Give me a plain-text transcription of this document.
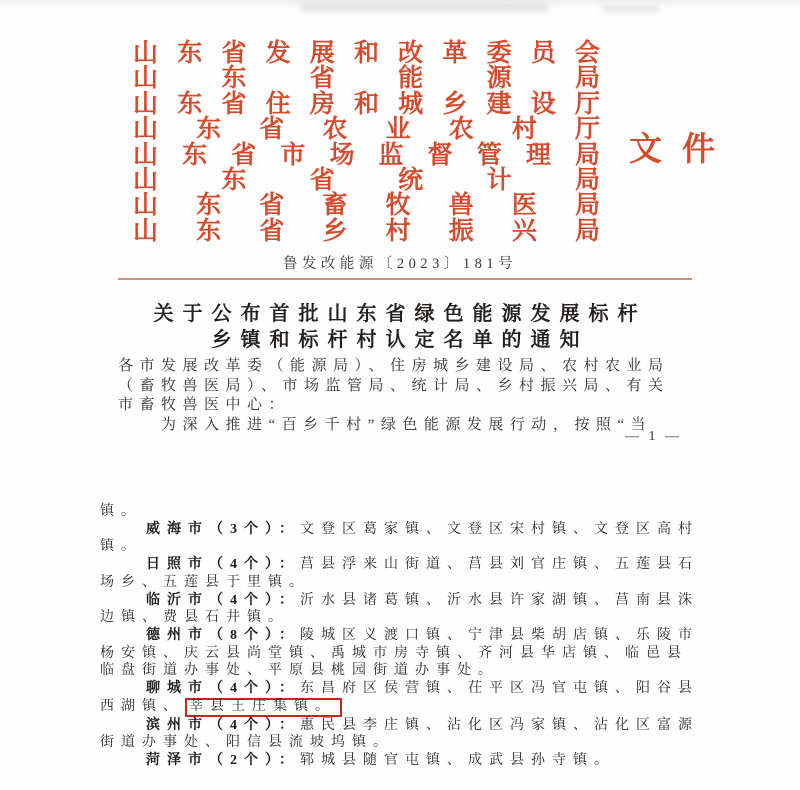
山 东 省 发 展 和 改 革 委 员 会
山	东	省	能	源	局
山 东 省 住 房 和 城 乡 建 设 厅
山 东 省 农 业 农 村 厅
山 东 省 市 场 监 督 管 理 局
山	东	省	统	计	局
山 东 省 畜 牧 兽 医 局
山 东 省 乡 村 振 兴 局
文件
鲁发改能源〔2023〕181号
关于公布首批山东省绿色能源发展标杆
乡镇和标杆村认定名单的通知
各市发展改革委（能源局）、住房城乡建设局、农村农业局
（畜牧兽医局）、市场监管局、统计局、乡村振兴局、有关
市畜牧兽医中心：
为深入推进“百乡千村”绿色能源发展行动，按照“当
— 1 —
镇。
威海市（3个）：文登区葛家镇、文登区宋村镇、文登区高村
镇。
日照市（4个）：莒县浮来山街道、莒县刘官庄镇、五莲县石
场乡、五莲县于里镇。
临沂市（4个）：沂水县诸葛镇、沂水县许家湖镇、莒南县洙
边镇、费县石井镇。
德州市（8个）：陵城区义渡口镇、宁津县柴胡店镇、乐陵市
杨安镇、庆云县尚堂镇、禹城市房寺镇、齐河县华店镇、临邑县
临盘街道办事处、平原县桃园街道办事处。
聊城市（4个）：东昌府区侯营镇、茌平区冯官屯镇、阳谷县
西湖镇、 莘县王庄集镇。
滨州市（4个）：惠民县李庄镇、沾化区冯家镇、沾化区富源
街道办事处、阳信县流坡坞镇。
菏泽市（2个）：郓城县随官屯镇、成武县孙寺镇。
